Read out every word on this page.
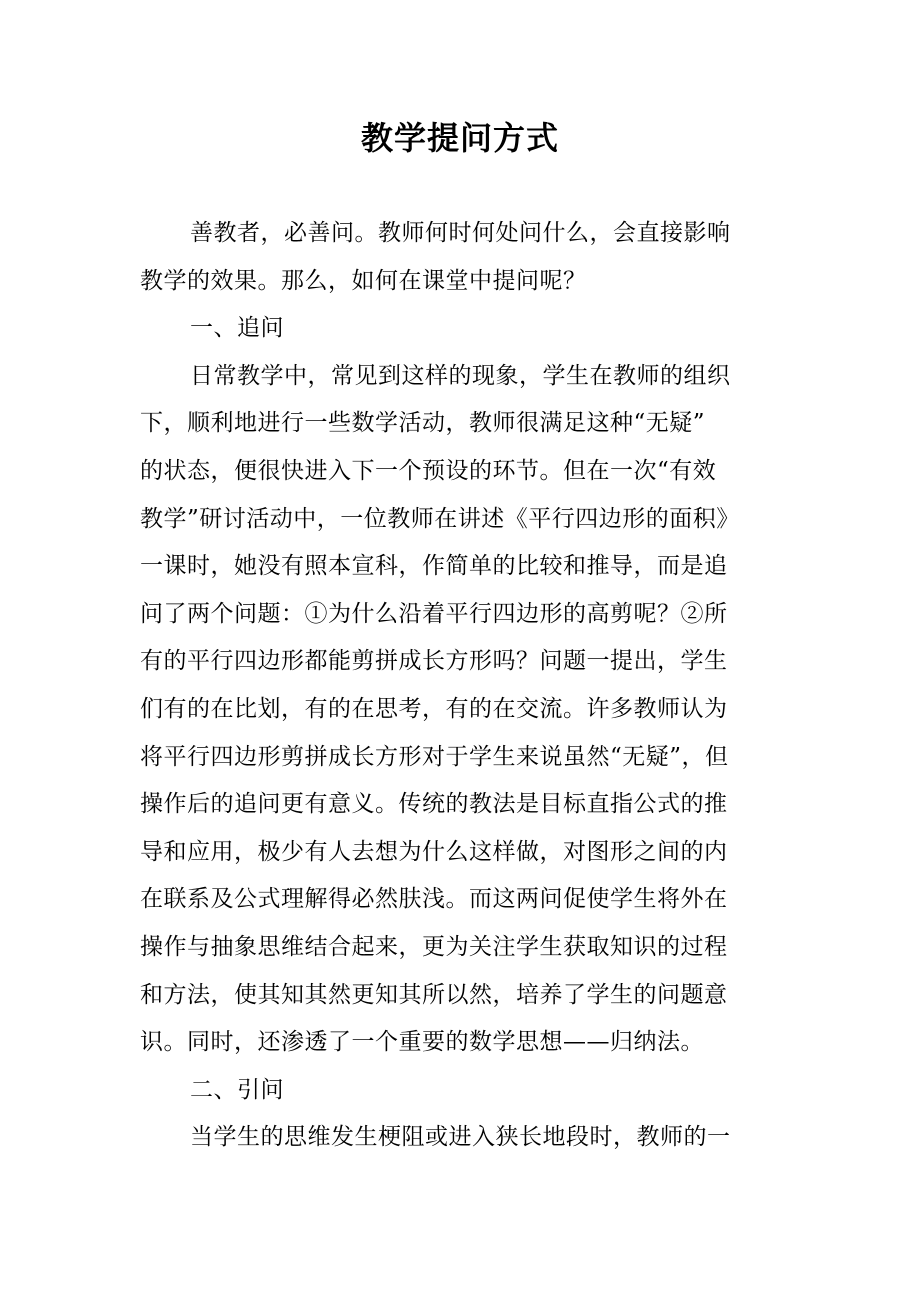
教学提问方式
善教者，必善问。教师何时何处问什么，会直接影响
教学的效果。那么，如何在课堂中提问呢？
一、追问
日常教学中，常见到这样的现象，学生在教师的组织
下，顺利地进行一些数学活动，教师很满足这种“无疑”
的状态，便很快进入下一个预设的环节。但在一次“有效
教学”研讨活动中，一位教师在讲述《平行四边形的面积》
一课时，她没有照本宣科，作简单的比较和推导，而是追
问了两个问题：①为什么沿着平行四边形的高剪呢？②所
有的平行四边形都能剪拼成长方形吗？问题一提出，学生
们有的在比划，有的在思考，有的在交流。许多教师认为
将平行四边形剪拼成长方形对于学生来说虽然“无疑”，但
操作后的追问更有意义。传统的教法是目标直指公式的推
导和应用，极少有人去想为什么这样做，对图形之间的内
在联系及公式理解得必然肤浅。而这两问促使学生将外在
操作与抽象思维结合起来，更为关注学生获取知识的过程
和方法，使其知其然更知其所以然，培养了学生的问题意
识。同时，还渗透了一个重要的数学思想——归纳法。
二、引问
当学生的思维发生梗阻或进入狭长地段时，教师的一
